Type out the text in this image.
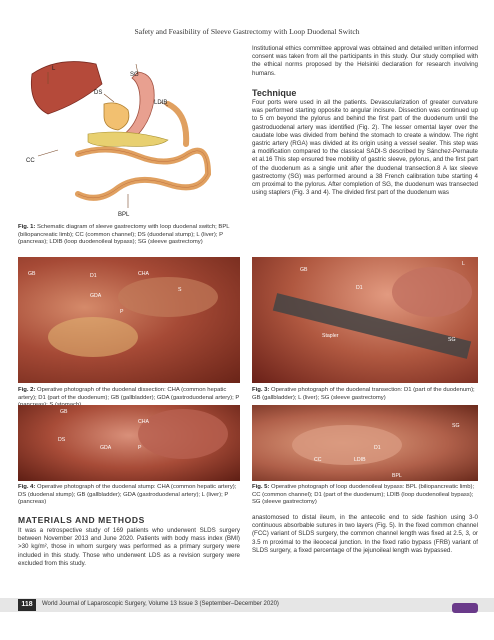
Safety and Feasibility of Sleeve Gastrectomy with Loop Duodenal Switch
L
SG
DS
LDIB
CC
BPL
Fig. 1: Schematic diagram of sleeve gastrectomy with loop duodenal switch; BPL (biliopancreatic limb); CC (common channel); DS (duodenal stump); L (liver); P (pancreas); LDIB (loop duodenoileal bypass); SG (sleeve gastrectomy)
Institutional ethics committee approval was obtained and detailed written informed consent was taken from all the participants in this study. Our study complied with the ethical norms proposed by the Helsinki declaration for research involving humans.
Technique
Four ports were used in all the patients. Devascularization of greater curvature was performed starting opposite to angular incisure. Dissection was continued up to 5 cm beyond the pylorus and behind the first part of the duodenum until the gastroduodenal artery was identified (Fig. 2). The lesser omental layer over the caudate lobe was divided from behind the stomach to create a window. The right gastric artery (RGA) was divided at its origin using a vessel sealer. This step was a modification compared to the classical SADI-S described by Sánchez-Pernaute et al.16 This step ensured free mobility of gastric sleeve, pylorus, and the first part of the duodenum as a single unit after the duodenal transection.8 A lax sleeve gastrectomy (SG) was performed around a 38 French calibration tube starting 4 cm proximal to the pylorus. After completion of SG, the duodenum was transected using staplers (Fig. 3 and 4). The divided first part of the duodenum was
GB	D1	CHA
GDA
S
P
Fig. 2: Operative photograph of the duodenal dissection: CHA (common hepatic artery); D1 (part of the duodenum); GB (gallbladder); GDA (gastroduodenal artery); P
L
GB
D1
Stapler
SG
Fig. 3: Operative photograph of the duodenal transection: D1 (part of the duodenum); GB (gallbladder); L (liver); SG (sleeve gastrectomy)
GB
CHA
DS
GDA	P
SG
D1
CC	LDIB
BPL
Fig. 4: Operative photograph of the duodenal stump: CHA (common hepatic artery); DS (duodenal stump); GB (gallbladder); GDA (gastroduodenal artery); L (liver); P (pancreas)
Fig. 5: Operative photograph of loop duodenoileal bypass: BPL (biliopancreatic limb); CC (common channel); D1 (part of the duodenum); LDIB (loop duodenoileal bypass); SG (sleeve gastrectomy)
MATERIALS AND METHODS
It was a retrospective study of 169 patients who underwent SLDS surgery between November 2013 and June 2020. Patients with body mass index (BMI) >30 kg/m², those in whom surgery was performed as a primary surgery were included in this study. Those who underwent LDS as a revision surgery were excluded from this study.
anastomosed to distal ileum, in the antecolic end to side fashion using 3-0 continuous absorbable sutures in two layers (Fig. 5). In the fixed common channel (FCC) variant of SLDS surgery, the common channel length was fixed at 2.5, 3, or 3.5 m proximal to the ileocecal junction. In the fixed ratio bypass (FRB) variant of SLDS surgery, a fixed percentage of the jejunoileal length was bypassed.
118	World Journal of Laparoscopic Surgery, Volume 13 Issue 3 (September–December 2020)
